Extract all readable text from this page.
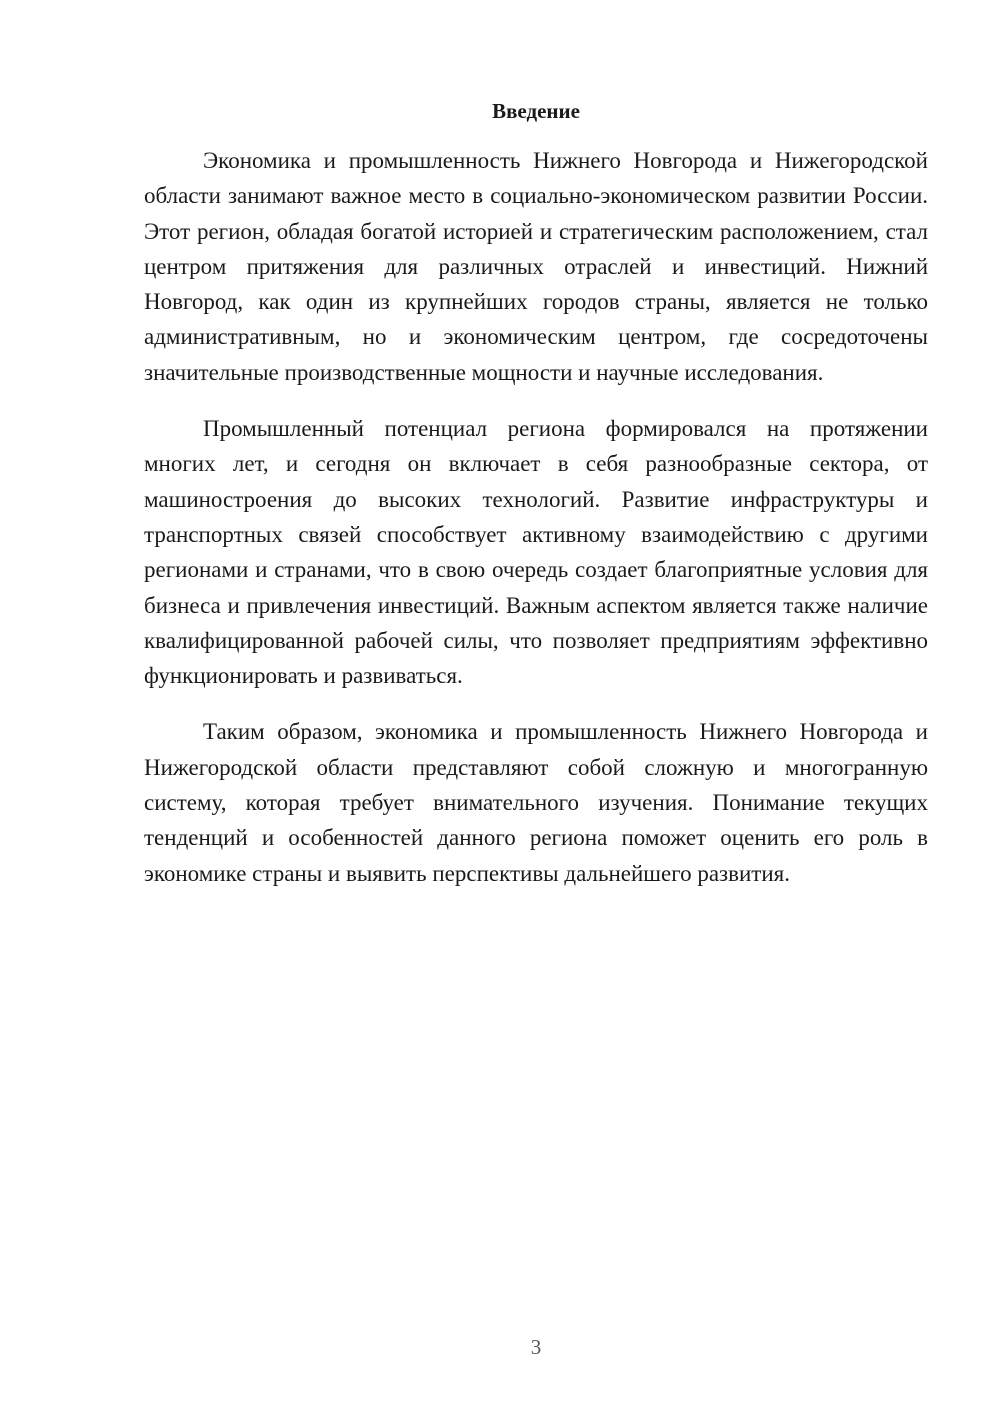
Введение

Экономика и промышленность Нижнего Новгорода и Нижегородской области занимают важное место в социально-экономическом развитии России. Этот регион, обладая богатой историей и стратегическим расположением, стал центром притяжения для различных отраслей и инвестиций. Нижний Новгород, как один из крупнейших городов страны, является не только административным, но и экономическим центром, где сосредоточены значительные производственные мощности и научные исследования.

Промышленный потенциал региона формировался на протяжении многих лет, и сегодня он включает в себя разнообразные сектора, от машиностроения до высоких технологий. Развитие инфраструктуры и транспортных связей способствует активному взаимодействию с другими регионами и странами, что в свою очередь создает благоприятные условия для бизнеса и привлечения инвестиций. Важным аспектом является также наличие квалифицированной рабочей силы, что позволяет предприятиям эффективно функционировать и развиваться.

Таким образом, экономика и промышленность Нижнего Новгорода и Нижегородской области представляют собой сложную и многогранную систему, которая требует внимательного изучения. Понимание текущих тенденций и особенностей данного региона поможет оценить его роль в экономике страны и выявить перспективы дальнейшего развития.

3
